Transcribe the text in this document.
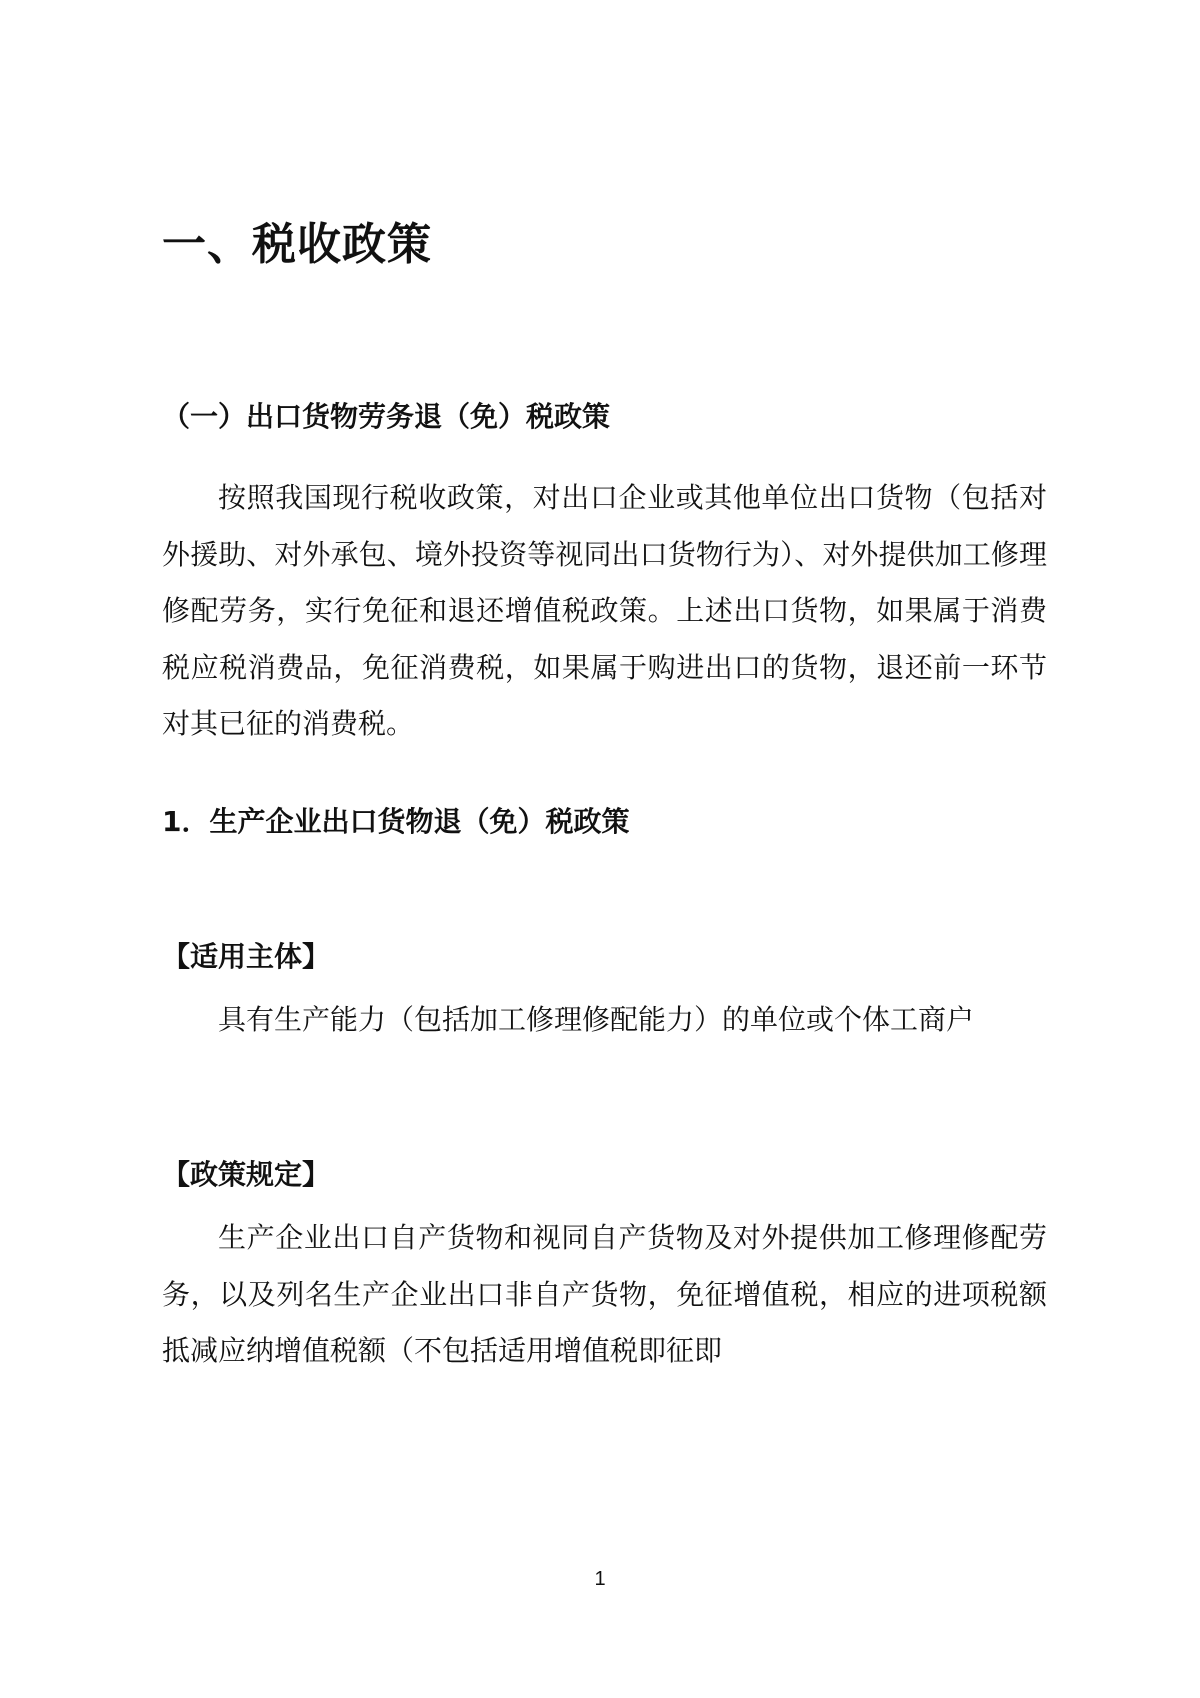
一、税收政策
（一）出口货物劳务退（免）税政策

按照我国现行税收政策，对出口企业或其他单位出口货物（包括对外援助、对外承包、境外投资等视同出口货物行为）、对外提供加工修理修配劳务，实行免征和退还增值税政策。上述出口货物，如果属于消费税应税消费品，免征消费税，如果属于购进出口的货物，退还前一环节对其已征的消费税。

1．生产企业出口货物退（免）税政策
【适用主体】

具有生产能力（包括加工修理修配能力）的单位或个体工商户

【政策规定】

生产企业出口自产货物和视同自产货物及对外提供加工修理修配劳务，以及列名生产企业出口非自产货物，免征增值税，相应的进项税额抵减应纳增值税额（不包括适用增值税即征即

1
